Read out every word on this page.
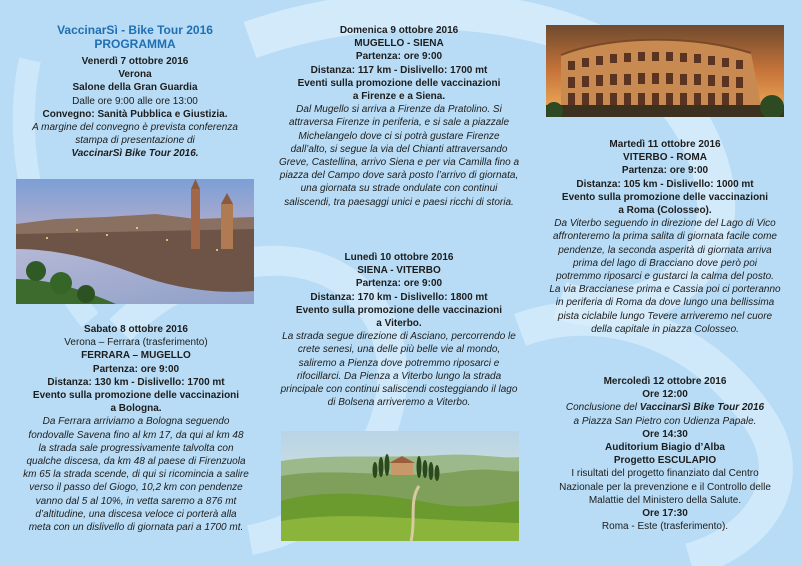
VaccinarSì - Bike Tour 2016
PROGRAMMA
Venerdì 7 ottobre 2016
Verona
Salone della Gran Guardia
Dalle ore 9:00 alle ore 13:00
Convegno: Sanità Pubblica e Giustizia.
A margine del convegno è prevista conferenza
stampa di presentazione di
VaccinarSì Bike Tour 2016.
Sabato 8 ottobre 2016
Verona – Ferrara (trasferimento)
FERRARA – MUGELLO
Partenza: ore 9:00
Distanza: 130 km - Dislivello: 1700 mt
Evento sulla promozione delle vaccinazioni
a Bologna.
Da Ferrara arriviamo a Bologna seguendo
fondovalle Savena fino al km 17, da qui al km 48
la strada sale progressivamente talvolta con
qualche discesa, da km 48 al paese di Firenzuola
km 65 la strada scende, di qui si ricomincia a salire
verso il passo del Giogo, 10,2 km con pendenze
vanno dal 5 al 10%, in vetta saremo a 876 mt
d’altitudine, una discesa veloce ci porterà alla
meta con un dislivello di giornata pari a 1700 mt.
Domenica 9 ottobre 2016
MUGELLO - SIENA
Partenza: ore 9:00
Distanza: 117 km - Dislivello: 1700 mt
Eventi sulla promozione delle vaccinazioni
a Firenze e a Siena.
Dal Mugello si arriva a Firenze da Pratolino. Si
attraversa Firenze in periferia, e si sale a piazzale
Michelangelo dove ci si potrà gustare Firenze
dall’alto, si segue la via del Chianti attraversando
Greve, Castellina, arrivo Siena e per via Camilla fino a
piazza del Campo dove sarà posto l’arrivo di giornata,
una giornata su strade ondulate con continui
saliscendi, tra paesaggi unici e paesi ricchi di storia.
Lunedì 10 ottobre 2016
SIENA - VITERBO
Partenza: ore 9:00
Distanza: 170 km - Dislivello: 1800 mt
Evento sulla promozione delle vaccinazioni
a Viterbo.
La strada segue direzione di Asciano, percorrendo le
crete senesi, una delle più belle vie al mondo,
saliremo a Pienza dove potremmo riposarci e
rifocillarci. Da Pienza a Viterbo lungo la strada
principale con continui saliscendi costeggiando il lago
di Bolsena arriveremo a Viterbo.
Martedì 11 ottobre 2016
VITERBO - ROMA
Partenza: ore 9:00
Distanza: 105 km - Dislivello: 1000 mt
Evento sulla promozione delle vaccinazioni
a Roma (Colosseo).
Da Viterbo seguendo in direzione del Lago di Vico
affronteremo la prima salita di giornata facile come
pendenze, la seconda asperità di giornata arriva
prima del lago di Bracciano dove però poi
potremmo riposarci e gustarci la calma del posto.
La via Braccianese prima e Cassia poi ci porteranno
in periferia di Roma da dove lungo una bellissima
pista ciclabile lungo Tevere arriveremo nel cuore
della capitale in piazza Colosseo.
Mercoledì 12 ottobre 2016
Ore 12:00
Conclusione del VaccinarSì Bike Tour 2016
a Piazza San Pietro con Udienza Papale.
Ore 14:30
Auditorium Biagio d’Alba
Progetto ESCULAPIO
I risultati del progetto finanziato dal Centro
Nazionale per la prevenzione e il Controllo delle
Malattie del Ministero della Salute.
Ore 17:30
Roma - Este (trasferimento).
